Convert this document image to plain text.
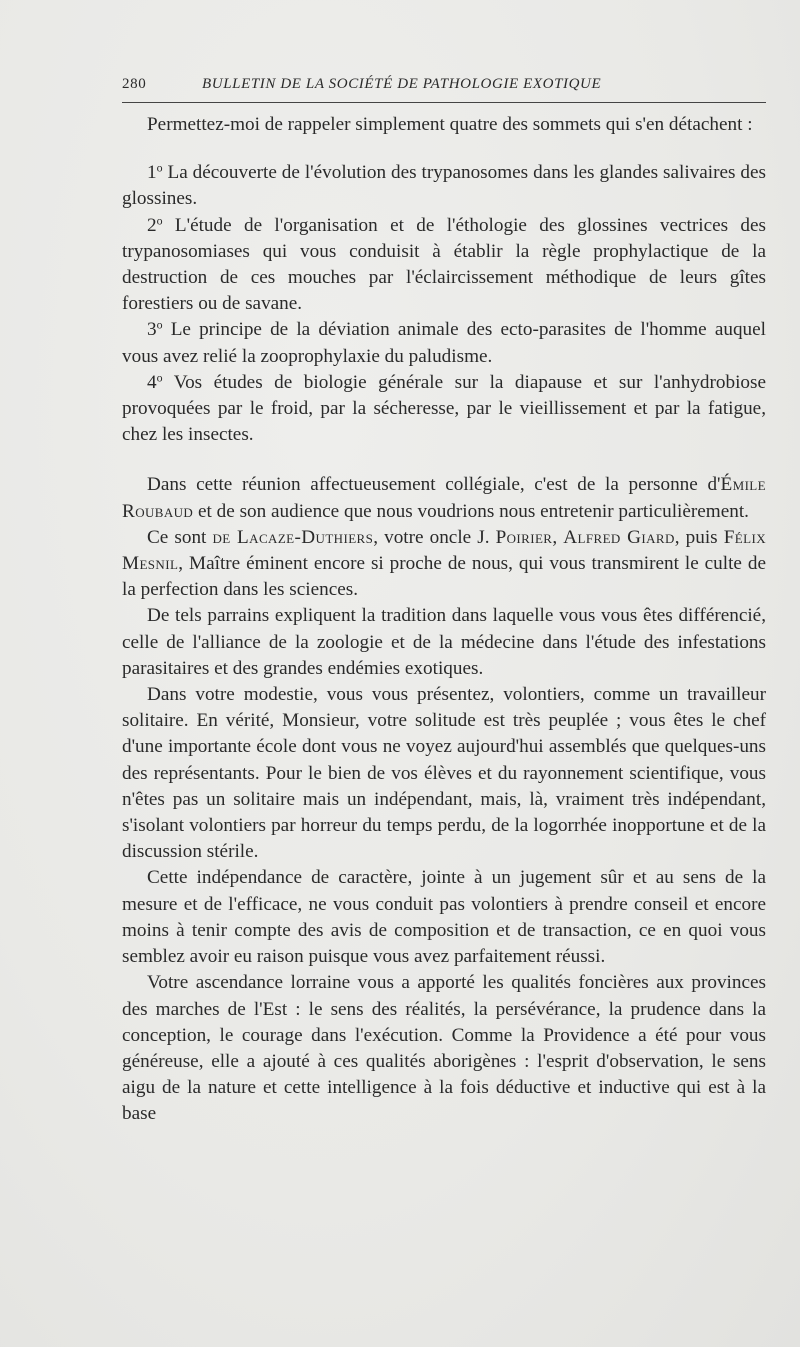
280	BULLETIN DE LA SOCIÉTÉ DE PATHOLOGIE EXOTIQUE

Permettez-moi de rappeler simplement quatre des sommets qui s'en détachent :

1$^o$ La découverte de l'évolution des trypanosomes dans les glandes salivaires des glossines.

2$^o$ L'étude de l'organisation et de l'éthologie des glossines vectrices des trypanosomiases qui vous conduisit à établir la règle prophylactique de la destruction de ces mouches par l'éclaircissement méthodique de leurs gîtes forestiers ou de savane.

3$^o$ Le principe de la déviation animale des ecto-parasites de l'homme auquel vous avez relié la zooprophylaxie du paludisme.

4$^o$ Vos études de biologie générale sur la diapause et sur l'anhydrobiose provoquées par le froid, par la sécheresse, par le vieillissement et par la fatigue, chez les insectes.

Dans cette réunion affectueusement collégiale, c'est de la personne d'Émile Roubaud et de son audience que nous voudrions nous entretenir particulièrement.

Ce sont de Lacaze-Duthiers, votre oncle J. Poirier, Alfred Giard, puis Félix Mesnil, Maître éminent encore si proche de nous, qui vous transmirent le culte de la perfection dans les sciences.

De tels parrains expliquent la tradition dans laquelle vous vous êtes différencié, celle de l'alliance de la zoologie et de la médecine dans l'étude des infestations parasitaires et des grandes endémies exotiques.

Dans votre modestie, vous vous présentez, volontiers, comme un travailleur solitaire. En vérité, Monsieur, votre solitude est très peuplée ; vous êtes le chef d'une importante école dont vous ne voyez aujourd'hui assemblés que quelques-uns des représentants. Pour le bien de vos élèves et du rayonnement scientifique, vous n'êtes pas un solitaire mais un indépendant, mais, là, vraiment très indépendant, s'isolant volontiers par horreur du temps perdu, de la logorrhée inopportune et de la discussion stérile.

Cette indépendance de caractère, jointe à un jugement sûr et au sens de la mesure et de l'efficace, ne vous conduit pas volontiers à prendre conseil et encore moins à tenir compte des avis de composition et de transaction, ce en quoi vous semblez avoir eu raison puisque vous avez parfaitement réussi.

Votre ascendance lorraine vous a apporté les qualités foncières aux provinces des marches de l'Est : le sens des réalités, la persévérance, la prudence dans la conception, le courage dans l'exécution. Comme la Providence a été pour vous généreuse, elle a ajouté à ces qualités aborigènes : l'esprit d'observation, le sens aigu de la nature et cette intelligence à la fois déductive et inductive qui est à la base
